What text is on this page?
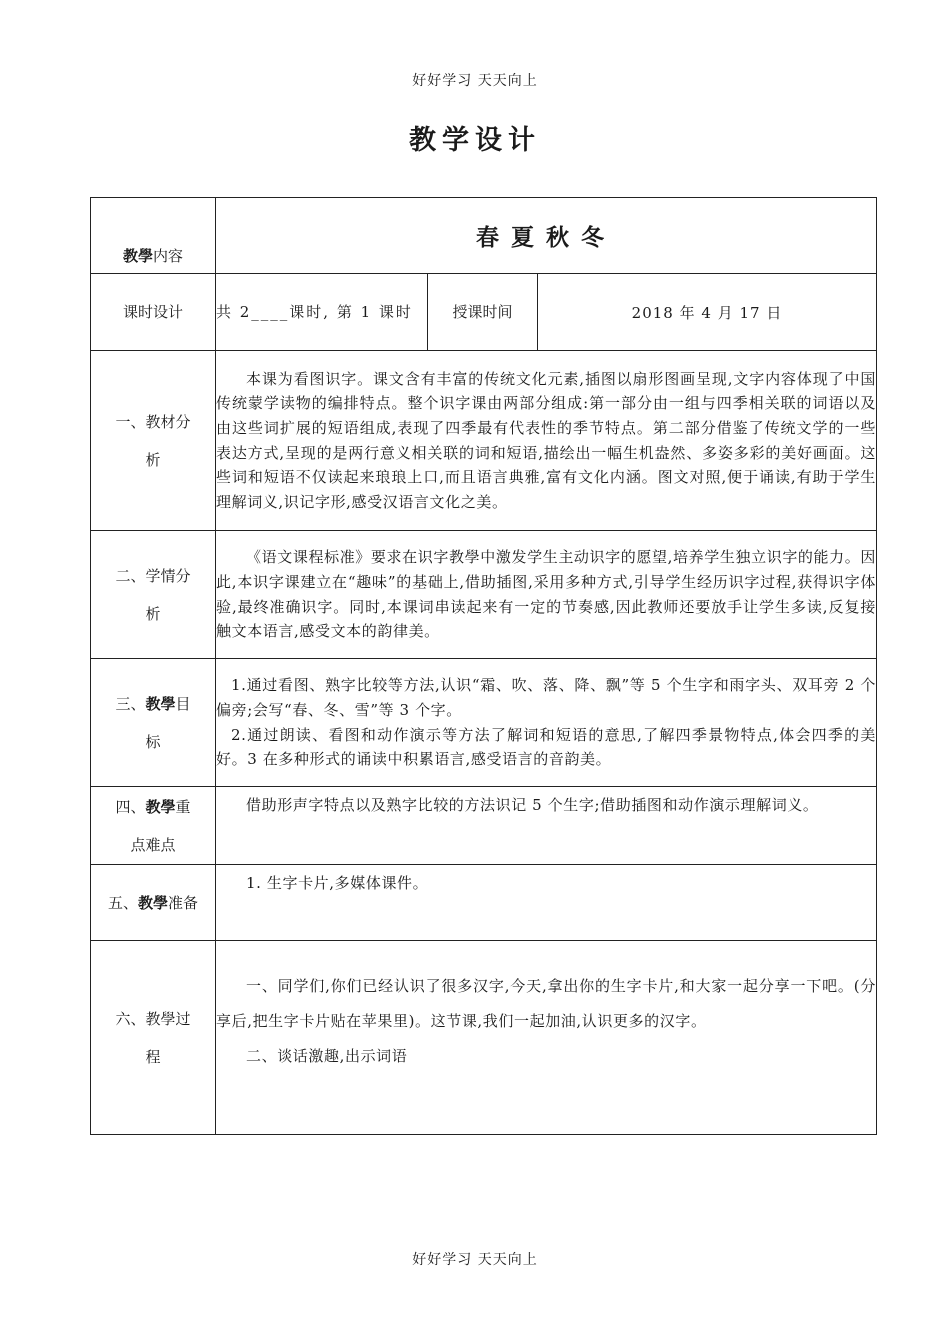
好好学习 天天向上
教学设计
教學内容	春夏秋冬		

课时设计	共 2____课时, 第 1 课时	授课时间	2018 年 4 月 17 日

一、教材分析	本课为看图识字。课文含有丰富的传统文化元素,插图以扇形图画呈现,文字内容体现了中国传统蒙学读物的编排特点。整个识字课由两部分组成:第一部分由一组与四季相关联的词语以及由这些词扩展的短语组成,表现了四季最有代表性的季节特点。第二部分借鉴了传统文学的一些表达方式,呈现的是两行意义相关联的词和短语,描绘出一幅生机盎然、多姿多彩的美好画面。这些词和短语不仅读起来琅琅上口,而且语言典雅,富有文化内涵。图文对照,便于诵读,有助于学生理解词义,识记字形,感受汉语言文化之美。		

二、学情分析	《语文课程标准》要求在识字教學中激发学生主动识字的愿望,培养学生独立识字的能力。因此,本识字课建立在“趣味”的基础上,借助插图,采用多种方式,引导学生经历识字过程,获得识字体验,最终准确识字。同时,本课词串读起来有一定的节奏感,因此教师还要放手让学生多读,反复接触文本语言,感受文本的韵律美。		

三、教學目标	1.通过看图、熟字比较等方法,认识“霜、吹、落、降、飘”等 5 个生字和雨字头、双耳旁 2 个偏旁;会写“春、冬、雪”等 3 个字。

2.通过朗读、看图和动作演示等方法了解词和短语的意思,了解四季景物特点,体会四季的美好。3 在多种形式的诵读中积累语言,感受语言的音韵美。		

四、教學重点难点	借助形声字特点以及熟字比较的方法识记 5 个生字;借助插图和动作演示理解词义。		

五、教學准备	1. 生字卡片,多媒体课件。		

六、教學过程	一、同学们,你们已经认识了很多汉字,今天,拿出你的生字卡片,和大家一起分享一下吧。(分享后,把生字卡片贴在苹果里)。这节课,我们一起加油,认识更多的汉字。

二、谈话激趣,出示词语		

好好学习 天天向上
